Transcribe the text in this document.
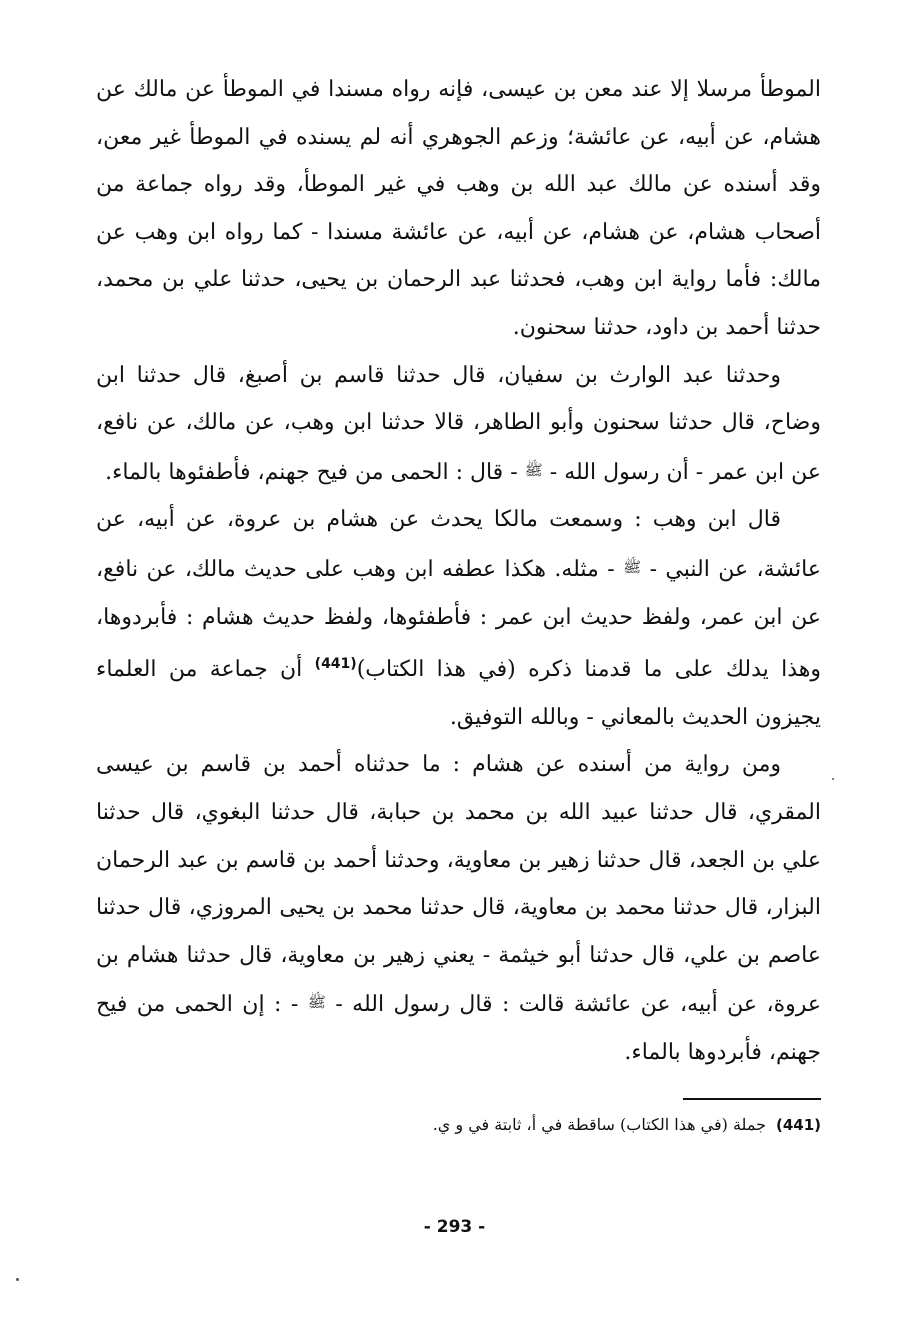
الموطأ مرسلا إلا عند معن بن عيسى، فإنه رواه مسندا في الموطأ عن مالك عن هشام، عن أبيه، عن عائشة؛ وزعم الجوهري أنه لم يسنده في الموطأ غير معن، وقد أسنده عن مالك عبد الله بن وهب في غير الموطأ، وقد رواه جماعة من أصحاب هشام، عن هشام، عن أبيه، عن عائشة مسندا - كما رواه ابن وهب عن مالك: فأما رواية ابن وهب، فحدثنا عبد الرحمان بن يحيى، حدثنا علي بن محمد، حدثنا أحمد بن داود، حدثنا سحنون.

وحدثنا عبد الوارث بن سفيان، قال حدثنا قاسم بن أصبغ، قال حدثنا ابن وضاح، قال حدثنا سحنون وأبو الطاهر، قالا حدثنا ابن وهب، عن مالك، عن نافع، عن ابن عمر - أن رسول الله - ﷺ - قال : الحمى من فيح جهنم، فأطفئوها بالماء.

قال ابن وهب : وسمعت مالكا يحدث عن هشام بن عروة، عن أبيه، عن عائشة، عن النبي - ﷺ - مثله. هكذا عطفه ابن وهب على حديث مالك، عن نافع، عن ابن عمر، ولفظ حديث ابن عمر : فأطفئوها، ولفظ حديث هشام : فأبردوها، وهذا يدلك على ما قدمنا ذكره (في هذا الكتاب)$^{(441)}$ أن جماعة من العلماء يجيزون الحديث بالمعاني - وبالله التوفيق.

ومن رواية من أسنده عن هشام : ما حدثناه أحمد بن قاسم بن عيسى المقري، قال حدثنا عبيد الله بن محمد بن حبابة، قال حدثنا البغوي، قال حدثنا علي بن الجعد، قال حدثنا زهير بن معاوية، وحدثنا أحمد بن قاسم بن عبد الرحمان البزار، قال حدثنا محمد بن معاوية، قال حدثنا محمد بن يحيى المروزي، قال حدثنا عاصم بن علي، قال حدثنا أبو خيثمة - يعني زهير بن معاوية، قال حدثنا هشام بن عروة، عن أبيه، عن عائشة قالت : قال رسول الله - ﷺ - : إن الحمى من فيح جهنم، فأبردوها بالماء.

(441)جملة (في هذا الكتاب) ساقطة في أ، ثابتة في و ي.
- 293 -
